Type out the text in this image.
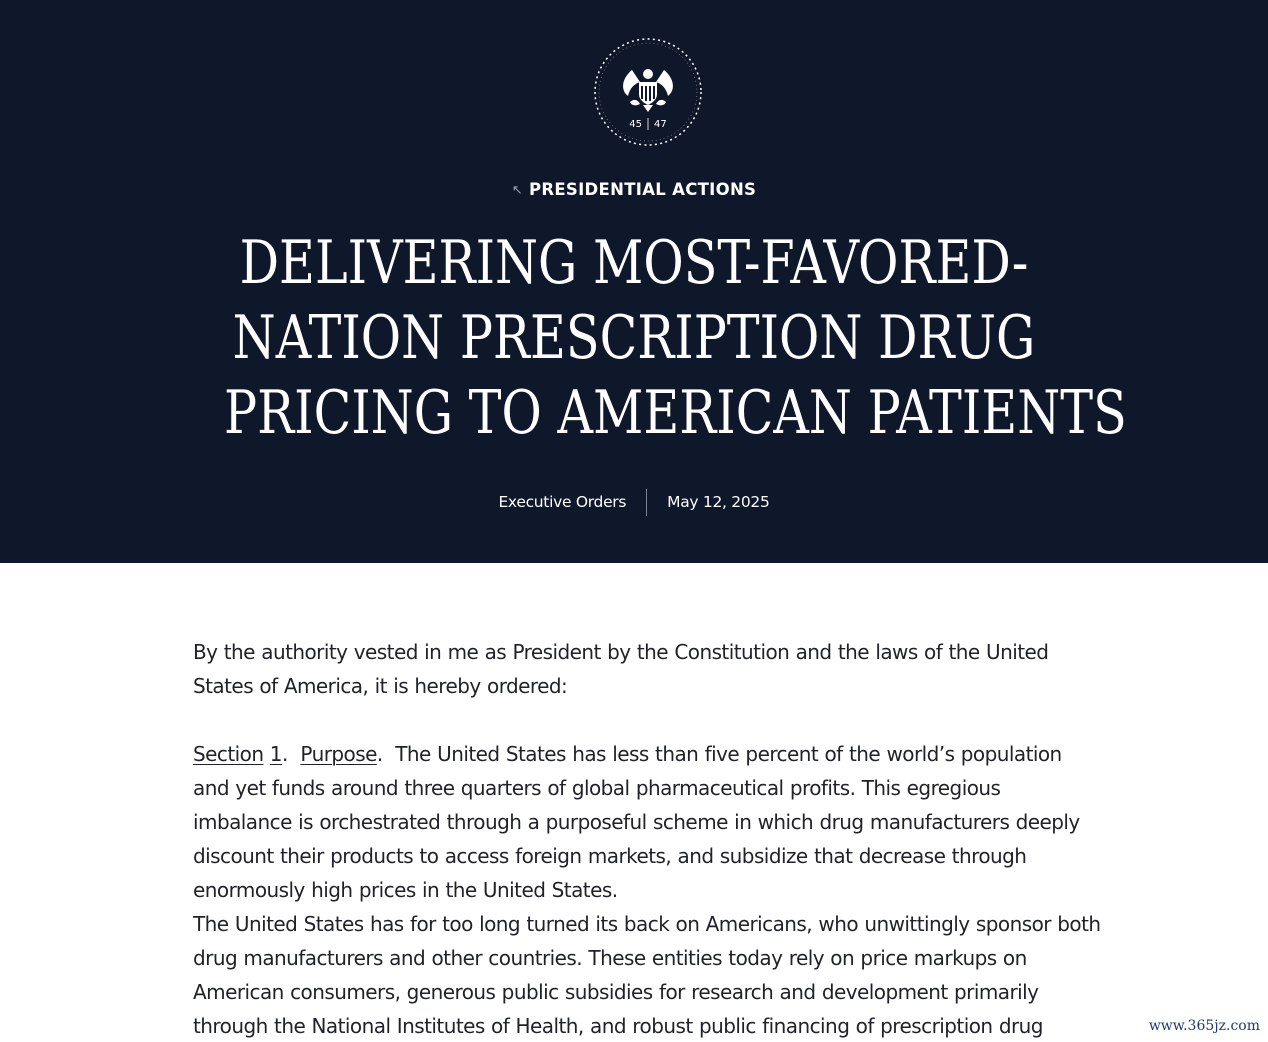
45 47
↖ PRESIDENTIAL ACTIONS
DELIVERING MOST-FAVORED-
NATION PRESCRIPTION DRUG
PRICING TO AMERICAN PATIENTS
Executive Orders	May 12, 2025

By the authority vested in me as President by the Constitution and the laws of the United States of America, it is hereby ordered:

Section 1.  Purpose.  The United States has less than five percent of the world’s population and yet funds around three quarters of global pharmaceutical profits. This egregious imbalance is orchestrated through a purposeful scheme in which drug manufacturers deeply discount their products to access foreign markets, and subsidize that decrease through enormously high prices in the United States.

The United States has for too long turned its back on Americans, who unwittingly sponsor both drug manufacturers and other countries. These entities today rely on price markups on American consumers, generous public subsidies for research and development primarily through the National Institutes of Health, and robust public financing of prescription drug	www.365jz.com
